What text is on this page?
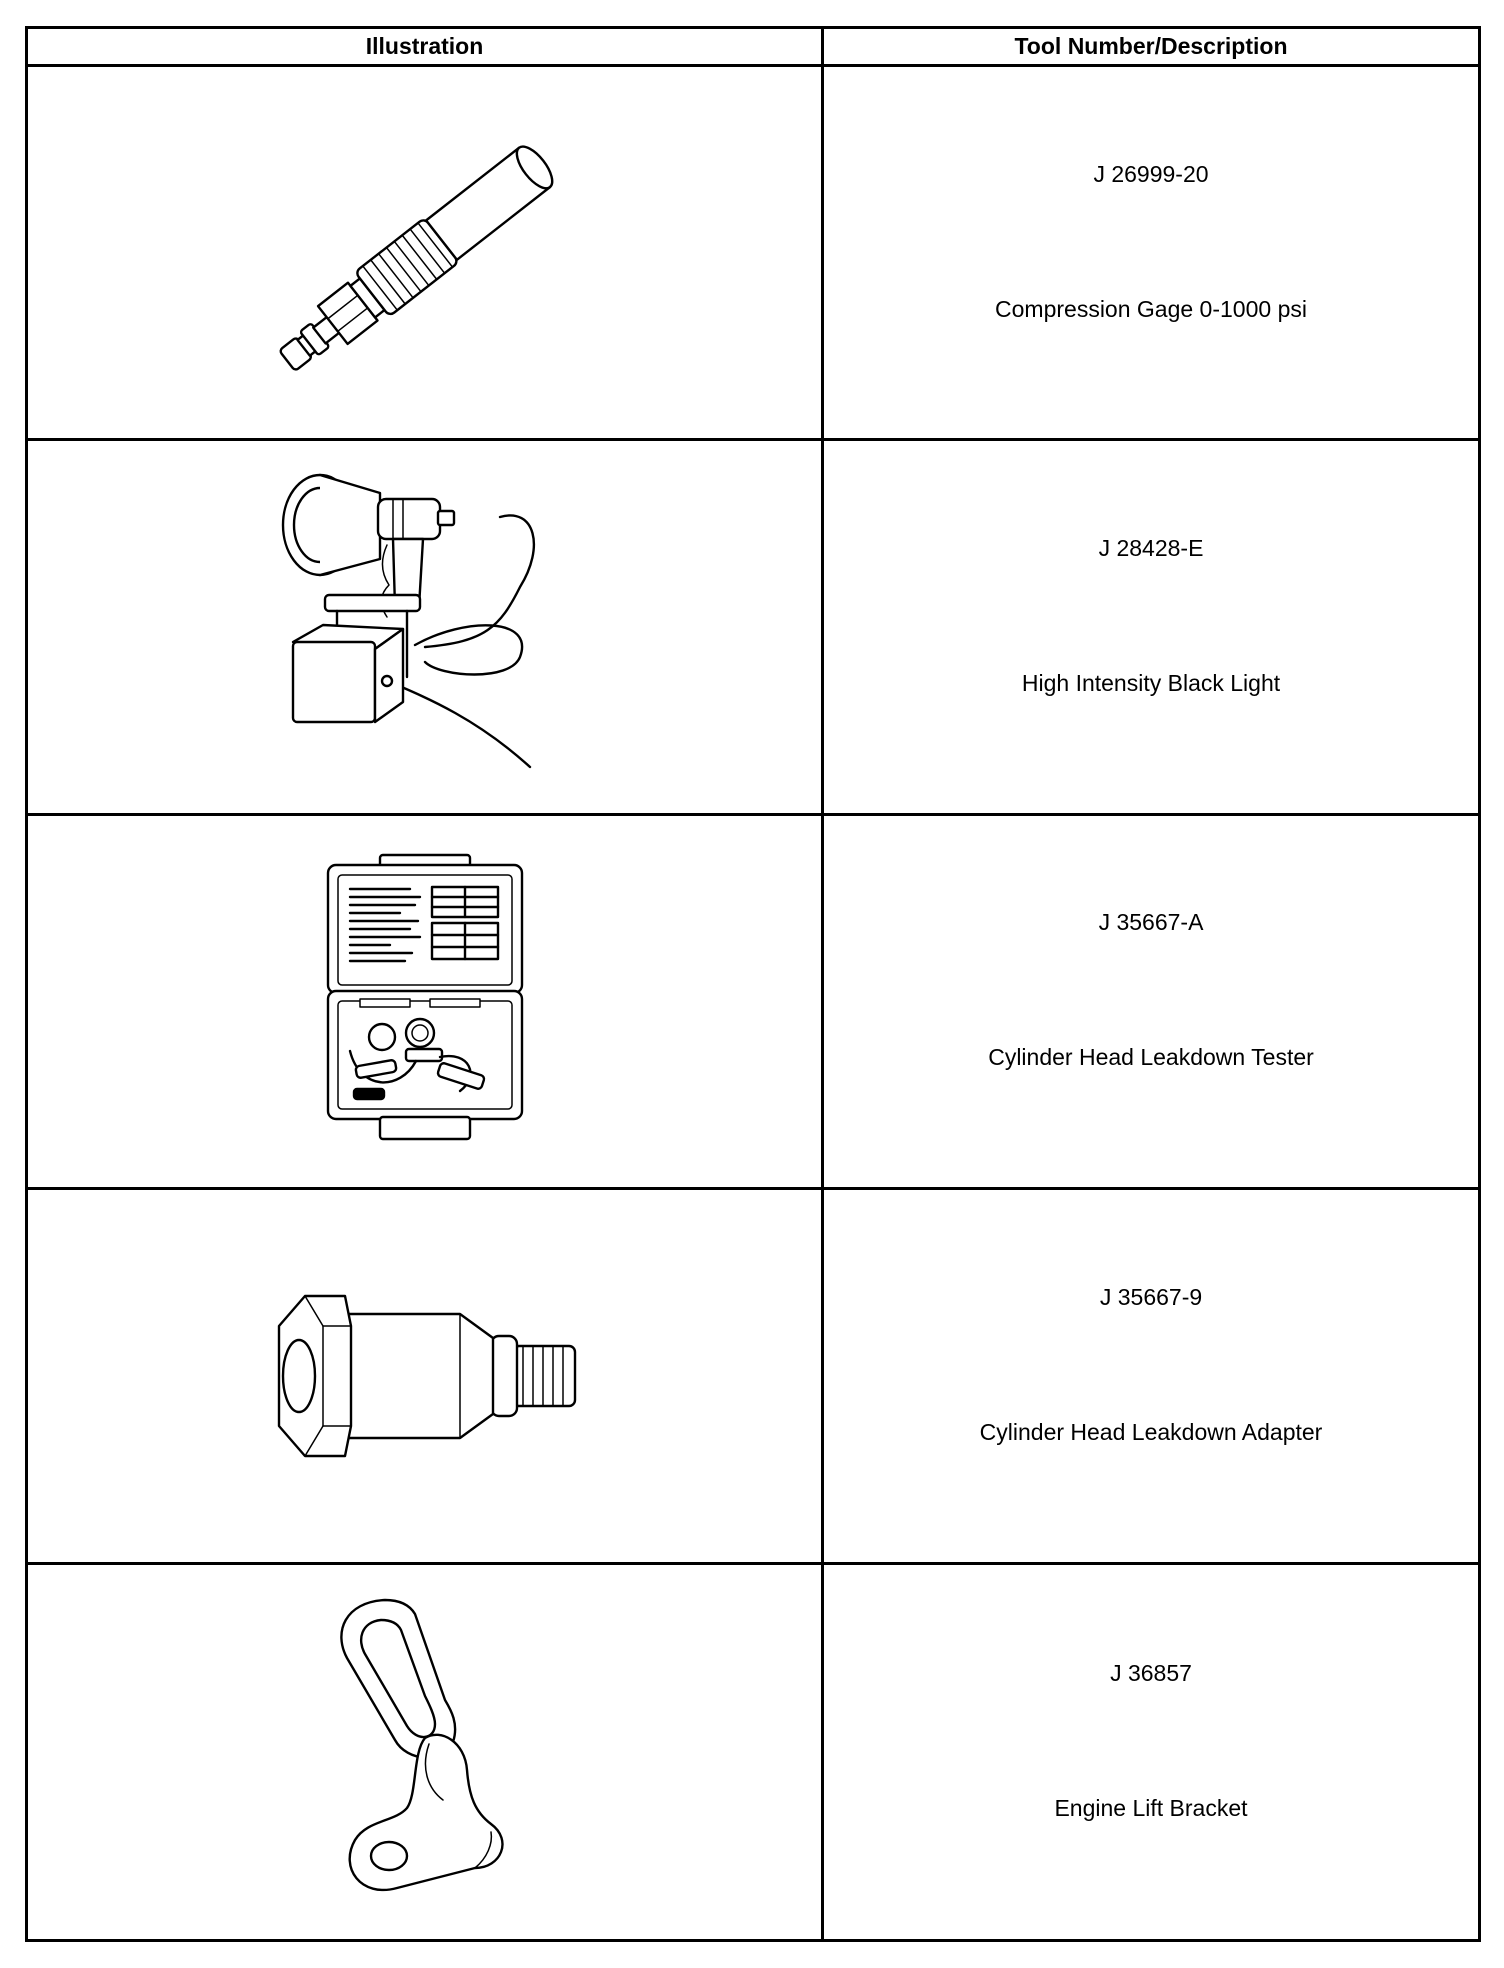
Illustration	Tool Number/Description
J 26999-20
Compression Gage 0-1000 psi
J 28428-E
High Intensity Black Light
J 35667-A
Cylinder Head Leakdown Tester
J 35667-9
Cylinder Head Leakdown Adapter
J 36857
Engine Lift Bracket
